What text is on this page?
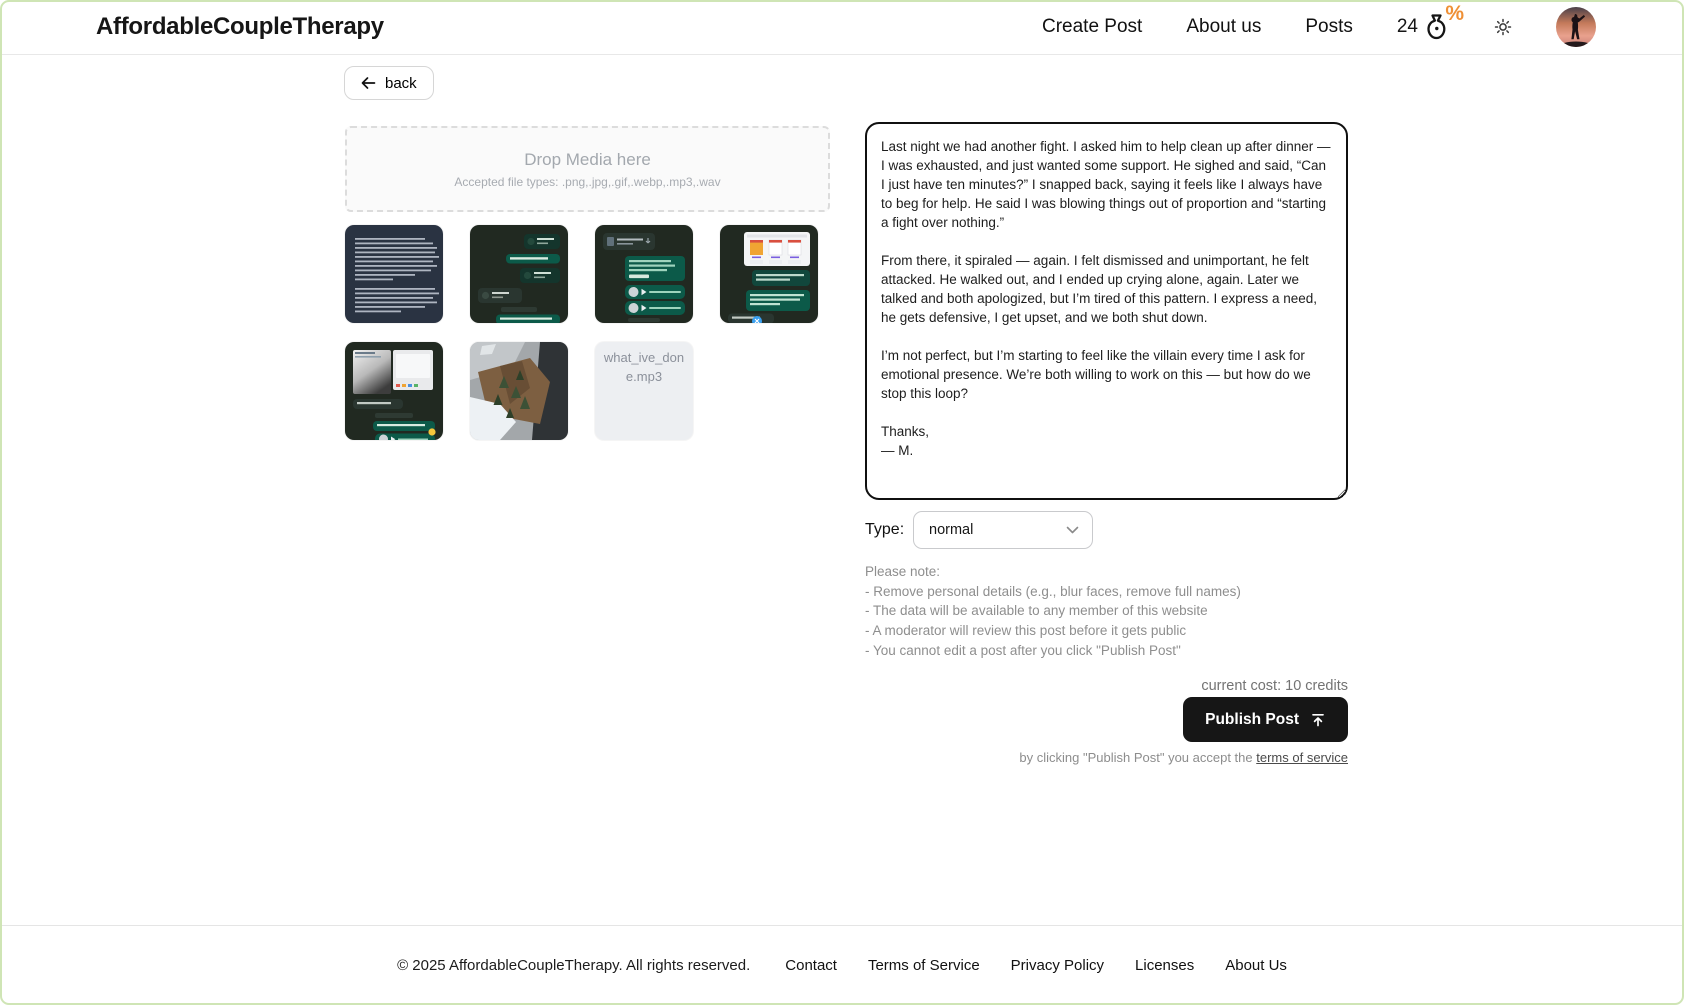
AffordableCoupleTherapy	Create Post About us Posts 24
%
back
Drop Media here
Accepted file types: .png,.jpg,.gif,.webp,.mp3,.wav
what_ive_done.mp3
Last night we had another fight. I asked him to help clean up after dinner — I was exhausted, and just wanted some support. He sighed and said, “Can I just have ten minutes?” I snapped back, saying it feels like I always have to beg for help. He said I was blowing things out of proportion and “starting a fight over nothing.” From there, it spiraled — again. I felt dismissed and unimportant, he felt attacked. He walked out, and I ended up crying alone, again. Later we talked and both apologized, but I’m tired of this pattern. I express a need, he gets defensive, I get upset, and we both shut down. I’m not perfect, but I’m starting to feel like the villain every time I ask for emotional presence. We’re both willing to work on this — but how do we stop this loop? Thanks, — M.
Type: normal
Please note:
- Remove personal details (e.g., blur faces, remove full names)
- The data will be available to any member of this website
- A moderator will review this post before it gets public
- You cannot edit a post after you click "Publish Post"
current cost: 10 credits
Publish Post
by clicking "Publish Post" you accept the terms of service
© 2025 AffordableCoupleTherapy. All rights reserved. Contact Terms of Service Privacy Policy Licenses About Us
